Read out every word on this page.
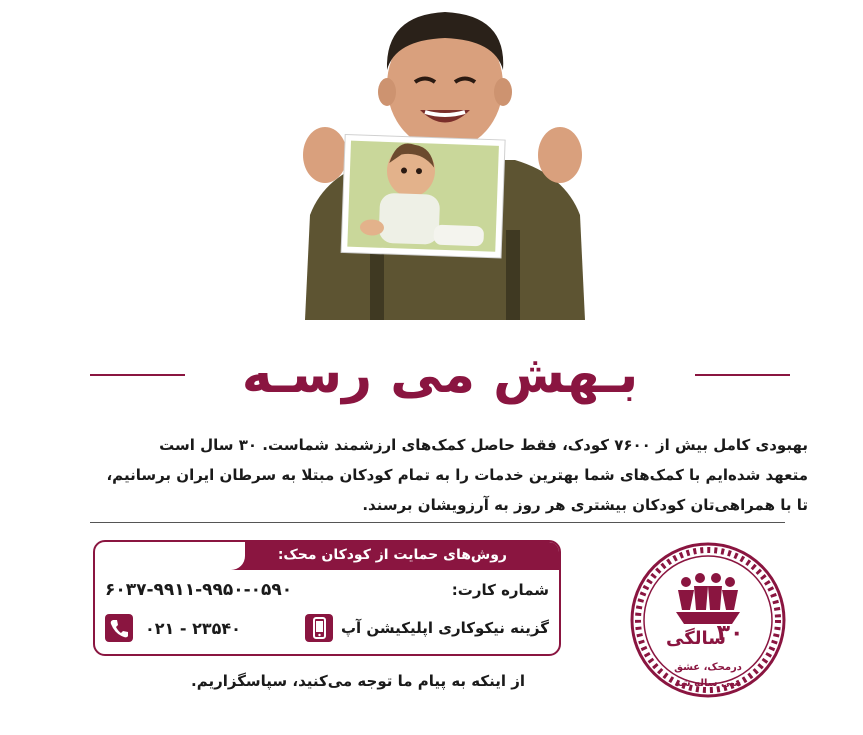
بـهش می رسـه
بهبودی کامل بیش از ۷۶۰۰ کودک، فقط حاصل کمک‌های ارزشمند شماست. ۳۰ سال است
متعهد شده‌ایم با کمک‌های شما بهترین خدمات را به تمام کودکان مبتلا به سرطان ایران برسانیم،
تا با همراهی‌تان کودکان بیشتری هر روز به آرزویشان برسند.
روش‌های حمایت از کودکان محک:
شماره کارت:
۶۰۳۷-۹۹۱۱-۹۹۵۰-۰۵۹۰
گزینه نیکوکاری اپلیکیشن آپ
۰۲۱ - ۲۳۵۴۰
از اینکه به پیام ما توجه می‌کنید، سپاسگزاریم.
۳۰
سالگی
درمحک، عشق
سی ساله شد
